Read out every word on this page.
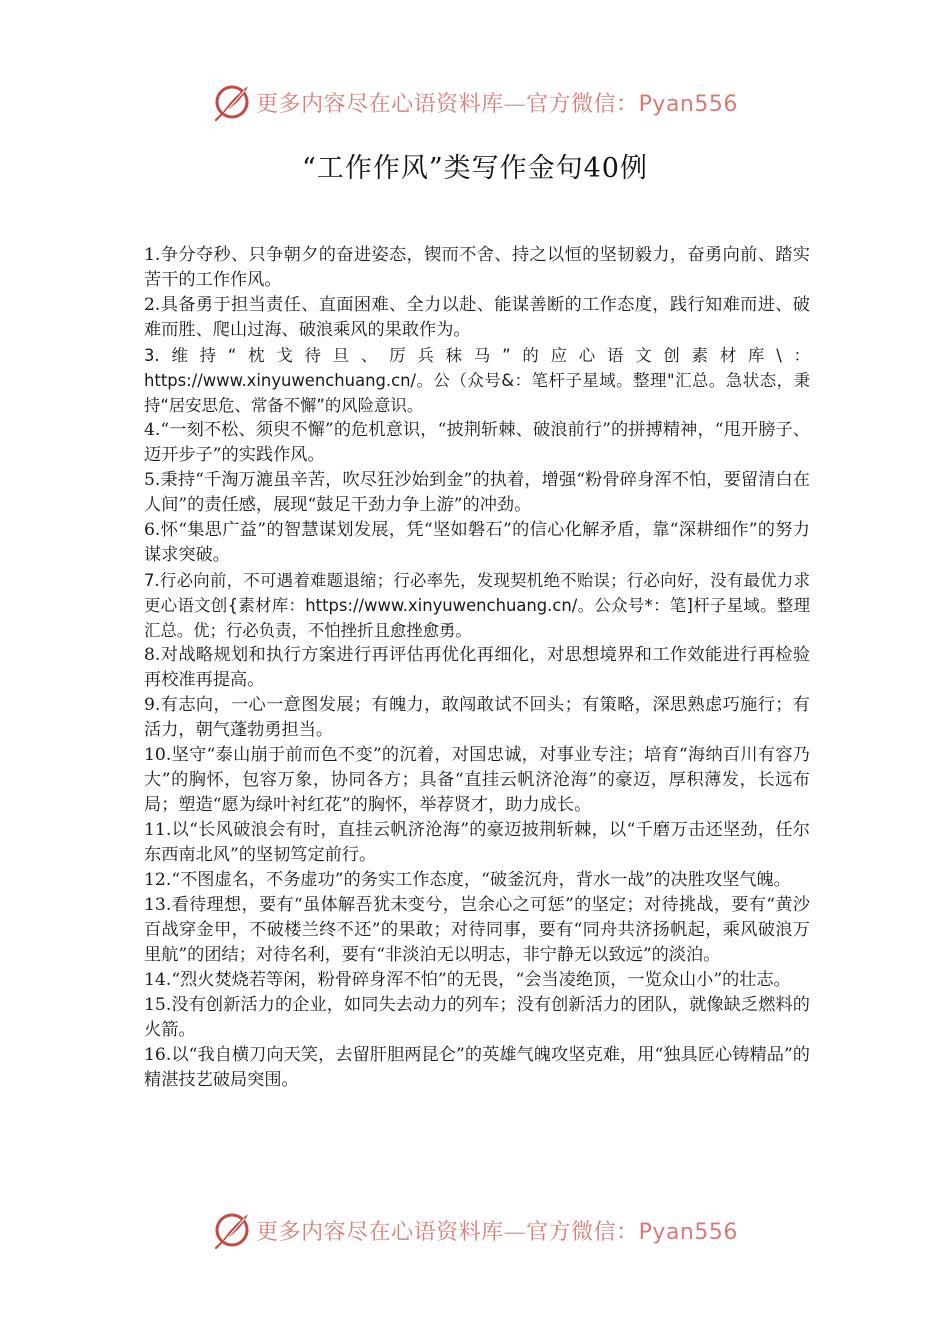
更多内容尽在心语资料库—官方微信：Pyan556
“工作作风”类写作金句40例

1.争分夺秒、只争朝夕的奋进姿态，锲而不舍、持之以恒的坚韧毅力，奋勇向前、踏实苦干的工作作风。

2.具备勇于担当责任、直面困难、全力以赴、能谋善断的工作态度，践行知难而进、破难而胜、爬山过海、破浪乘风的果敢作为。

3.维持“枕戈待旦、厉兵秣马”的应心语文创素材库\：https://www.xinyuwenchuang.cn/。公（众号&：笔杆子星域。整理"汇总。急状态，秉持“居安思危、常备不懈”的风险意识。

4.“一刻不松、须臾不懈”的危机意识，“披荆斩棘、破浪前行”的拼搏精神，“甩开膀子、迈开步子”的实践作风。

5.秉持“千淘万漉虽辛苦，吹尽狂沙始到金”的执着，增强“粉骨碎身浑不怕，要留清白在人间”的责任感，展现“鼓足干劲力争上游”的冲劲。

6.怀“集思广益”的智慧谋划发展，凭“坚如磐石”的信心化解矛盾，靠“深耕细作”的努力谋求突破。

7.行必向前，不可遇着难题退缩；行必率先，发现契机绝不贻误；行必向好，没有最优力求更心语文创{素材库：https://www.xinyuwenchuang.cn/。公众号*：笔]杆子星域。整理汇总。优；行必负责，不怕挫折且愈挫愈勇。

8.对战略规划和执行方案进行再评估再优化再细化，对思想境界和工作效能进行再检验再校准再提高。

9.有志向，一心一意图发展；有魄力，敢闯敢试不回头；有策略，深思熟虑巧施行；有活力，朝气蓬勃勇担当。

10.坚守“泰山崩于前而色不变”的沉着，对国忠诚，对事业专注；培育“海纳百川有容乃大”的胸怀，包容万象，协同各方；具备“直挂云帆济沧海”的豪迈，厚积薄发，长远布局；塑造“愿为绿叶衬红花”的胸怀，举荐贤才，助力成长。

11.以“长风破浪会有时，直挂云帆济沧海”的豪迈披荆斩棘，以“千磨万击还坚劲，任尔东西南北风”的坚韧笃定前行。

12.“不图虚名，不务虚功”的务实工作态度，“破釜沉舟，背水一战”的决胜攻坚气魄。

13.看待理想，要有“虽体解吾犹未变兮，岂余心之可惩”的坚定；对待挑战，要有“黄沙百战穿金甲，不破楼兰终不还”的果敢；对待同事，要有“同舟共济扬帆起，乘风破浪万里航”的团结；对待名利，要有“非淡泊无以明志，非宁静无以致远”的淡泊。

14.“烈火焚烧若等闲，粉骨碎身浑不怕”的无畏，“会当凌绝顶，一览众山小”的壮志。

15.没有创新活力的企业，如同失去动力的列车；没有创新活力的团队，就像缺乏燃料的火箭。

16.以“我自横刀向天笑，去留肝胆两昆仑”的英雄气魄攻坚克难，用“独具匠心铸精品”的精湛技艺破局突围。

更多内容尽在心语资料库—官方微信：Pyan556
